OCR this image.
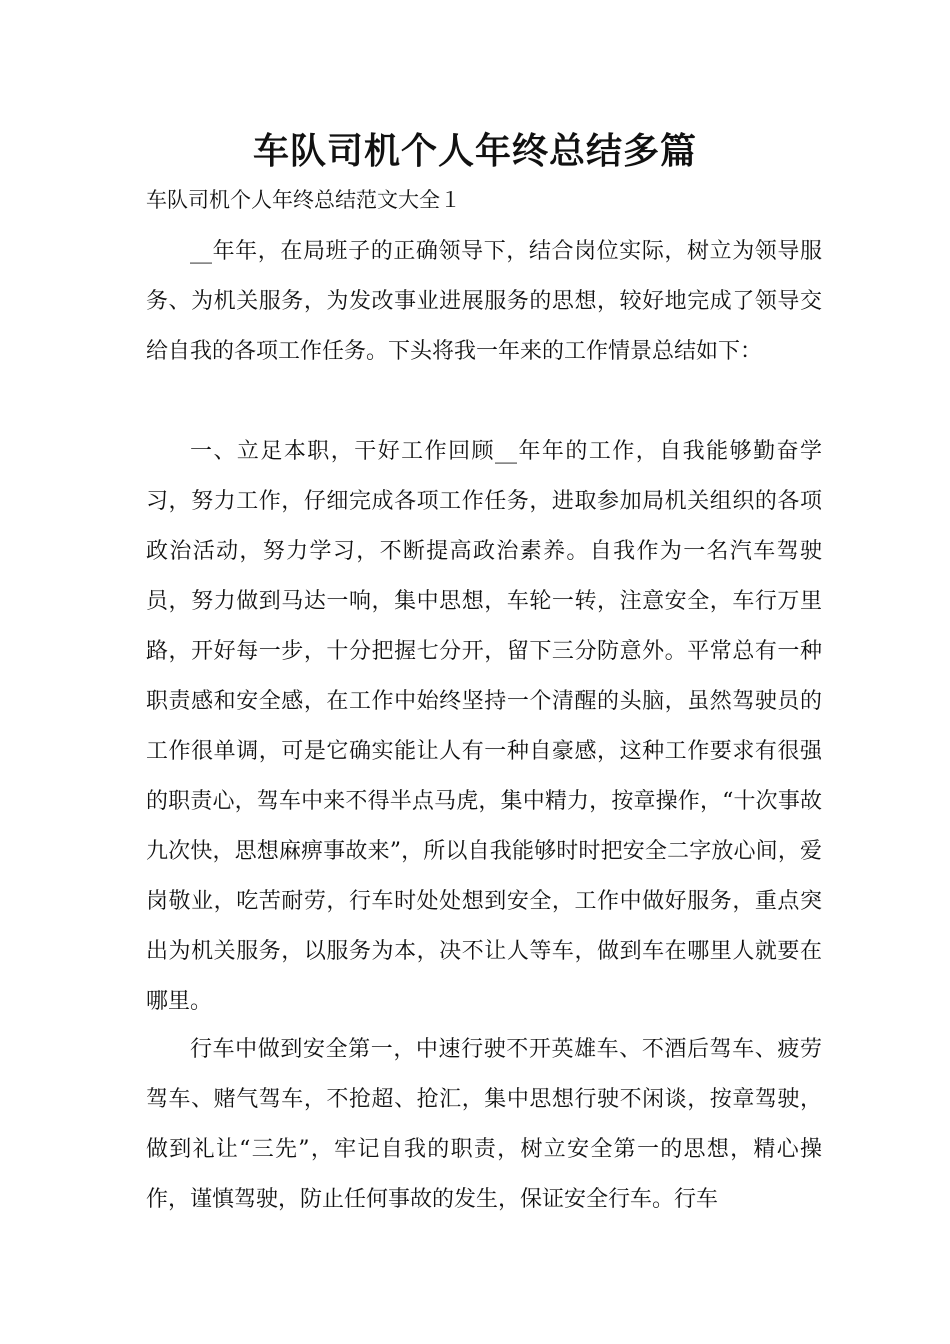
车队司机个人年终总结多篇

车队司机个人年终总结范文大全１

__年年，在局班子的正确领导下，结合岗位实际，树立为领导服务、为机关服务，为发改事业进展服务的思想，较好地完成了领导交给自我的各项工作任务。下头将我一年来的工作情景总结如下：

一、立足本职，干好工作回顾__年年的工作，自我能够勤奋学习，努力工作，仔细完成各项工作任务，进取参加局机关组织的各项政治活动，努力学习，不断提高政治素养。自我作为一名汽车驾驶员，努力做到马达一响，集中思想，车轮一转，注意安全，车行万里路，开好每一步，十分把握七分开，留下三分防意外。平常总有一种职责感和安全感，在工作中始终坚持一个清醒的头脑，虽然驾驶员的工作很单调，可是它确实能让人有一种自豪感，这种工作要求有很强的职责心，驾车中来不得半点马虎，集中精力，按章操作，“十次事故九次快，思想麻痹事故来”，所以自我能够时时把安全二字放心间，爱岗敬业，吃苦耐劳，行车时处处想到安全，工作中做好服务，重点突出为机关服务，以服务为本，决不让人等车，做到车在哪里人就要在哪里。

行车中做到安全第一，中速行驶不开英雄车、不酒后驾车、疲劳驾车、赌气驾车，不抢超、抢汇，集中思想行驶不闲谈，按章驾驶，做到礼让“三先”，牢记自我的职责，树立安全第一的思想，精心操作，谨慎驾驶，防止任何事故的发生，保证安全行车。行车
